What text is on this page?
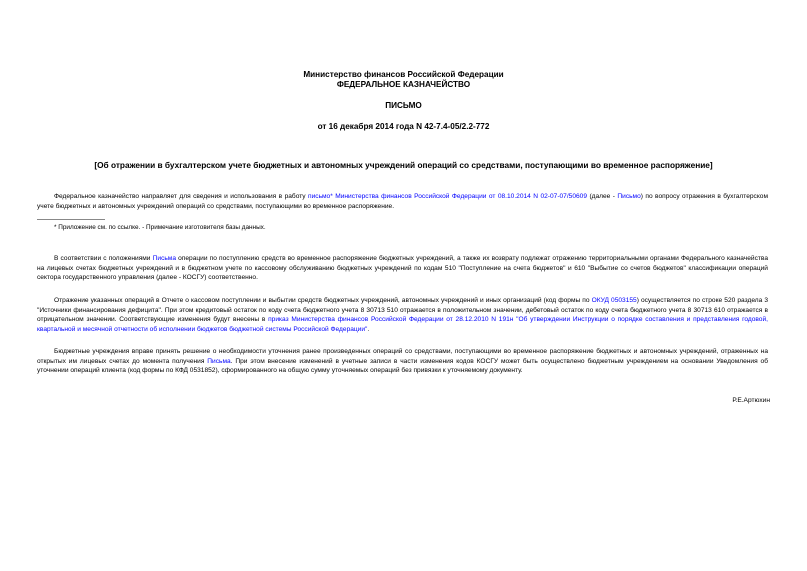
Министерство финансов Российской Федерации
ФЕДЕРАЛЬНОЕ КАЗНАЧЕЙСТВО
ПИСЬМО
от 16 декабря 2014 года N 42-7.4-05/2.2-772
[Об отражении в бухгалтерском учете бюджетных и автономных учреждений операций со средствами, поступающими во временное распоряжение]
Федеральное казначейство направляет для сведения и использования в работу письмо* Министерства финансов Российской Федерации от 08.10.2014 N 02-07-07/50609 (далее - Письмо) по вопросу отражения в бухгалтерском учете бюджетных и автономных учреждений операций со средствами, поступающими во временное распоряжение.
* Приложение см. по ссылке. - Примечание изготовителя базы данных.
В соответствии с положениями Письма операции по поступлению средств во временное распоряжение бюджетных учреждений, а также их возврату подлежат отражению территориальными органами Федерального казначейства на лицевых счетах бюджетных учреждений и в бюджетном учете по кассовому обслуживанию бюджетных учреждений по кодам 510 "Поступление на счета бюджетов" и 610 "Выбытие со счетов бюджетов" классификации операций сектора государственного управления (далее - КОСГУ) соответственно.
Отражение указанных операций в Отчете о кассовом поступлении и выбытии средств бюджетных учреждений, автономных учреждений и иных организаций (код формы по ОКУД 0503155) осуществляется по строке 520 раздела 3 "Источники финансирования дефицита". При этом кредитовый остаток по коду счета бюджетного учета 8 30713 510 отражается в положительном значении, дебетовый остаток по коду счета бюджетного учета 8 30713 610 отражается в отрицательном значении. Соответствующие изменения будут внесены в приказ Министерства финансов Российской Федерации от 28.12.2010 N 191н "Об утверждении Инструкции о порядке составления и представления годовой, квартальной и месячной отчетности об исполнении бюджетов бюджетной системы Российской Федерации".
Бюджетные учреждения вправе принять решение о необходимости уточнения ранее произведенных операций со средствами, поступающими во временное распоряжение бюджетных и автономных учреждений, отраженных на открытых им лицевых счетах до момента получения Письма. При этом внесение изменений в учетные записи в части изменения кодов КОСГУ может быть осуществлено бюджетным учреждением на основании Уведомления об уточнении операций клиента (код формы по КФД 0531852), сформированного на общую сумму уточняемых операций без привязки к уточняемому документу.
Р.Е.Артюхин
